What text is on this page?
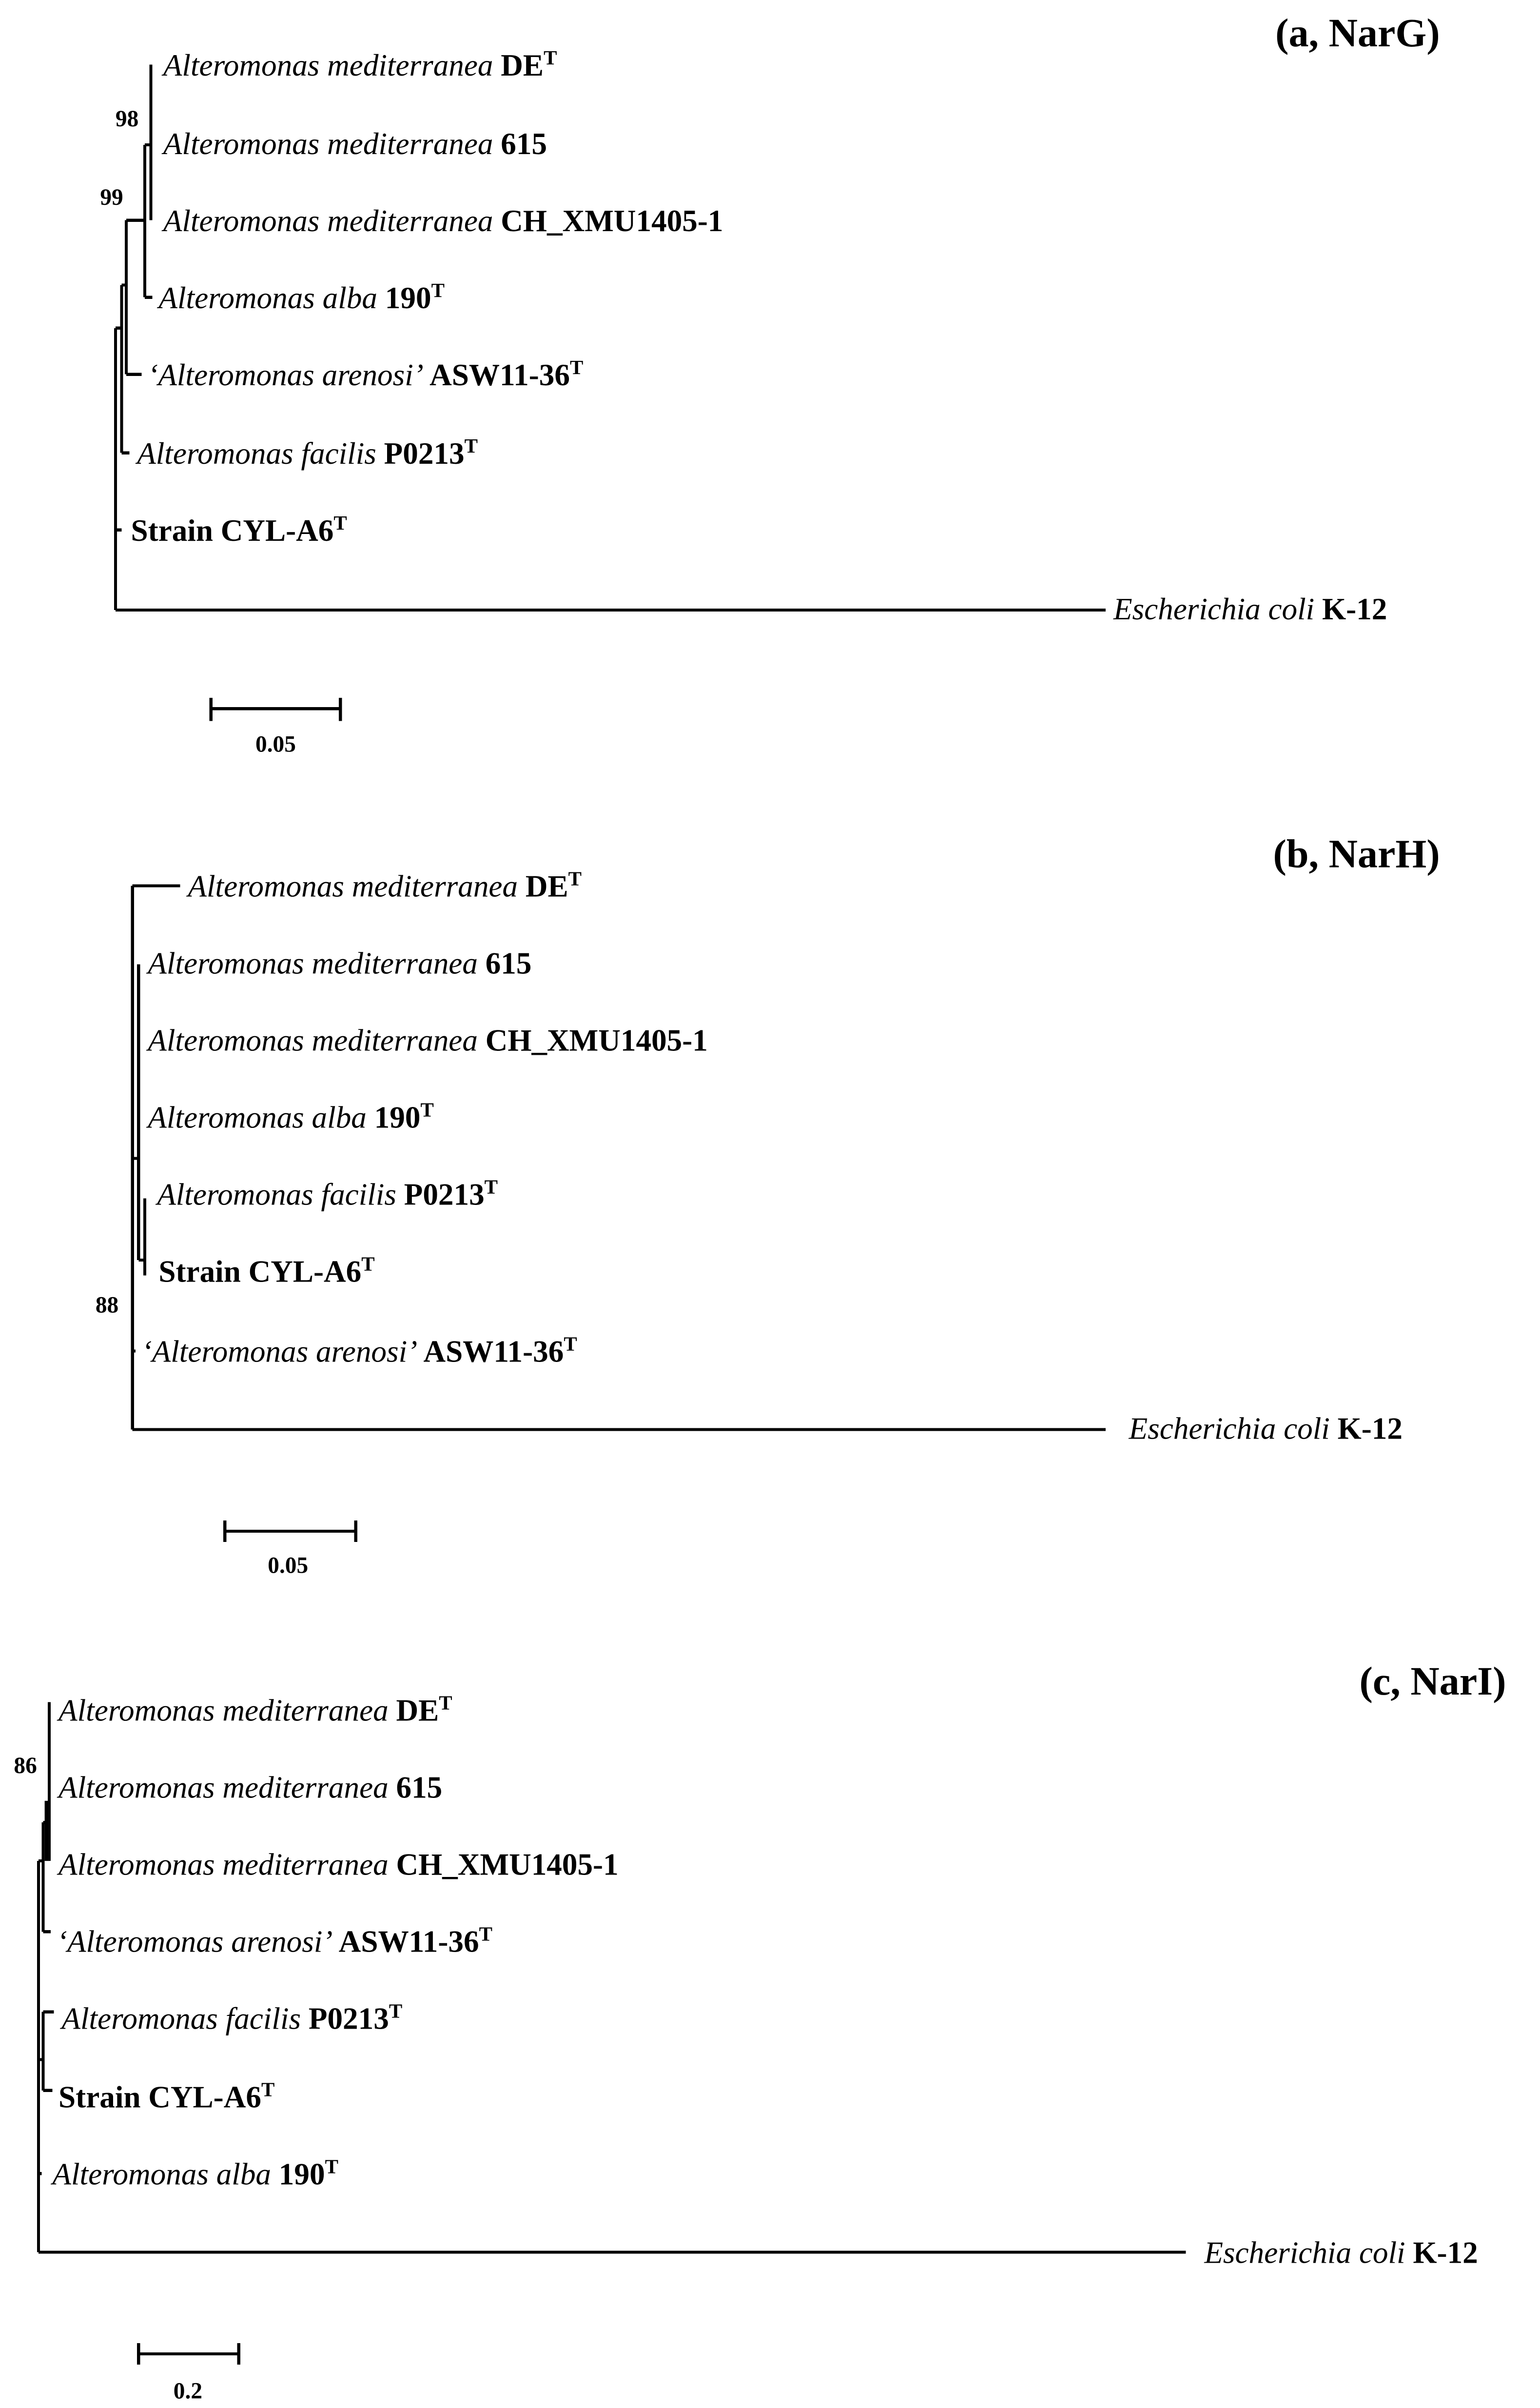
(a, NarG)
98
99
Alteromonas mediterranea $DE^T$
Alteromonas mediterranea 615
Alteromonas mediterranea CH_XMU1405-1
Alteromonas alba $190^T$
‘Alteromonas arenosi’ $ASW11-36^T$
Alteromonas facilis $P0213^T$
Strain CYL-$A6^T$
Escherichia coli K-12
0.05
(b, NarH)
88
Alteromonas mediterranea $DE^T$
Alteromonas mediterranea 615
Alteromonas mediterranea CH_XMU1405-1
Alteromonas alba $190^T$
Alteromonas facilis $P0213^T$
Strain CYL-$A6^T$
‘Alteromonas arenosi’ $ASW11-36^T$
Escherichia coli K-12
0.05
(c, NarI)
86
Alteromonas mediterranea $DE^T$
Alteromonas mediterranea 615
Alteromonas mediterranea CH_XMU1405-1
‘Alteromonas arenosi’ $ASW11-36^T$
Alteromonas facilis $P0213^T$
Strain CYL-$A6^T$
Alteromonas alba $190^T$
Escherichia coli K-12
0.2
